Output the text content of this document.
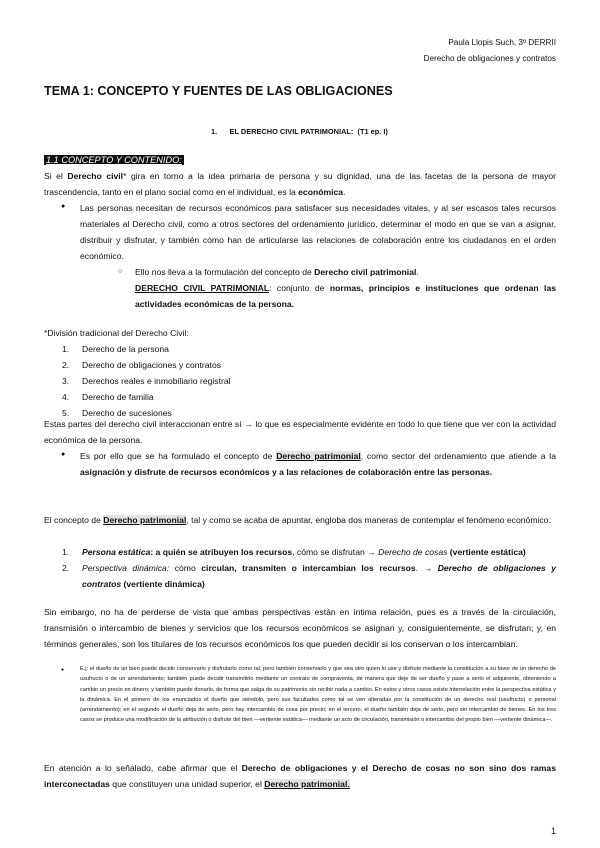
Paula Llopis Such, 3º DERRII
Derecho de obligaciones y contratos
TEMA 1: CONCEPTO Y FUENTES DE LAS OBLIGACIONES
1. EL DERECHO CIVIL PATRIMONIAL: (T1 ep. I)
1.1 CONCEPTO Y CONTENIDO:
Si el Derecho civil* gira en torno a la idea primaria de persona y su dignidad, una de las facetas de la persona de mayor trascendencia, tanto en el plano social como en el individual, es la económica.
● Las personas necesitan de recursos económicos para satisfacer sus necesidades vitales, y al ser escasos tales recursos materiales al Derecho civil, como a otros sectores del ordenamiento jurídico, determinar el modo en que se van a asignar, distribuir y disfrutar, y también cómo han de articularse las relaciones de colaboración entre los ciudadanos en el orden económico.
○ Ello nos lleva a la formulación del concepto de Derecho civil patrimonial.
DERECHO CIVIL PATRIMONIAL: conjunto de normas, principios e instituciones que ordenan las actividades económicas de la persona.
*División tradicional del Derecho Civil:
1. Derecho de la persona
2. Derecho de obligaciones y contratos
3. Derechos reales e inmobiliario registral
4. Derecho de familia
5. Derecho de sucesiones
Estas partes del derecho civil interaccionan entre sí → lo que es especialmente evidente en todo lo que tiene que ver con la actividad económica de la persona.
● Es por ello que se ha formulado el concepto de Derecho patrimonial, como sector del ordenamiento que atiende a la asignación y disfrute de recursos económicos y a las relaciones de colaboración entre las personas.
El concepto de Derecho patrimonial, tal y como se acaba de apuntar, engloba dos maneras de contemplar el fenómeno económico.
1. Persona estática: a quién se atribuyen los recursos, cómo se disfrutan → Derecho de cosas (vertiente estática)
2. Perspectiva dinámica: cómo circulan, transmiten o intercambian los recursos. → Derecho de obligaciones y contratos (vertiente dinámica)
Sin embargo, no ha de perderse de vista que ambas perspectivas están en íntima relación, pues es a través de la circulación, transmisión o intercambio de bienes y servicios que los recursos económicos se asignan y, consiguientemente, se disfrutan; y, en términos generales, son los titulares de los recursos económicos los que pueden decidir si los conservan o los intercambian.
●	E.j: el dueño de un bien puede decidir conservarlo y disfrutarlo como tal, pero también conservarlo y que sea otro quien lo use y disfrute mediante la constitución a su favor de un derecho de usufructo o de un arrendamiento; también puede decidir transmitirlo mediante un contrato de compraventa, de manera que deje de ser dueño y pase a serlo el adquirente, obteniendo a cambio un precio en dinero; y también puede donarlo, de forma que salga de su patrimonio sin recibir nada a cambio. En estos y otros casos existe interrelación entre la perspectiva estática y la dinámica. En el primero de los enunciados el dueño que siéndolo, pero sus facultades como tal se ven alteradas por la constitución de un derecho real (usufructo) o personal (arrendamiento); en el segundo el dueño deja de serlo, pero hay intercambio de cosa por precio; en el tercero, el dueño también deja de serlo, pero sin intercambio de bienes. En los tres casos se produce una modificación de la atribución o disfrute del bien —vertiente estática— mediante un acto de circulación, transmisión o intercambio del propio bien —vertiente dinámica—.
En atención a lo señalado, cabe afirmar que el Derecho de obligaciones y el Derecho de cosas no son sino dos ramas interconectadas que constituyen una unidad superior, el Derecho patrimonial.
1
